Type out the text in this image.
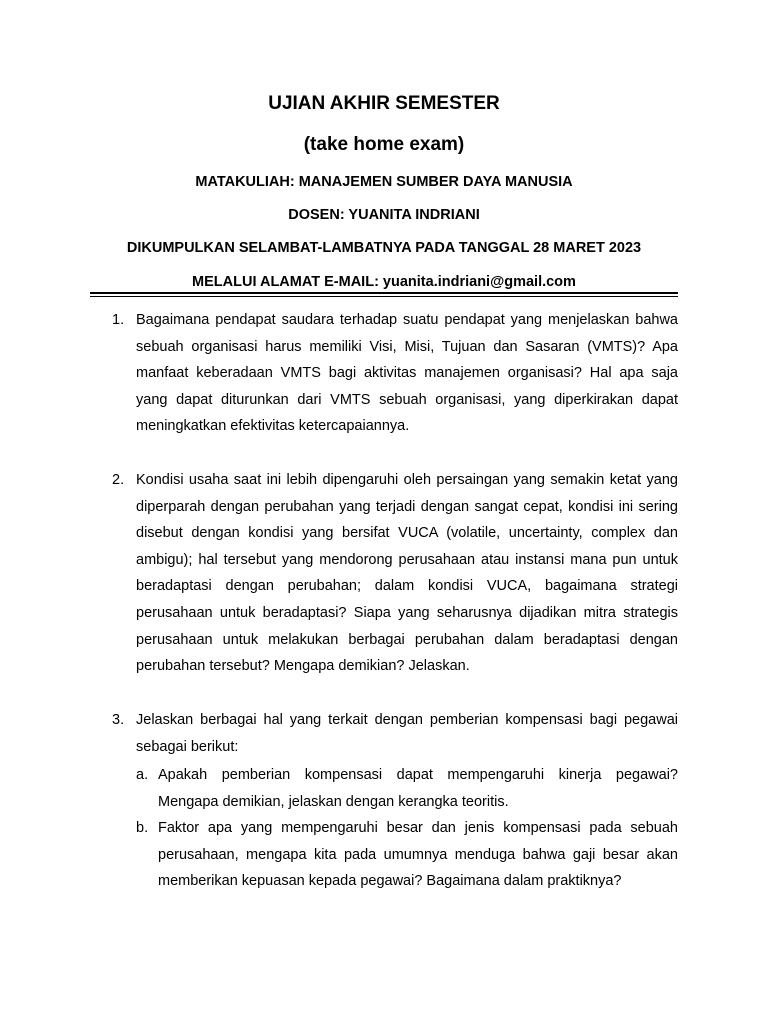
UJIAN AKHIR SEMESTER
(take home exam)
MATAKULIAH: MANAJEMEN SUMBER DAYA MANUSIA
DOSEN: YUANITA INDRIANI
DIKUMPULKAN SELAMBAT-LAMBATNYA PADA TANGGAL 28 MARET 2023
MELALUI ALAMAT E-MAIL: yuanita.indriani@gmail.com
1. Bagaimana pendapat saudara terhadap suatu pendapat yang menjelaskan bahwa sebuah organisasi harus memiliki Visi, Misi, Tujuan dan Sasaran (VMTS)? Apa manfaat keberadaan VMTS bagi aktivitas manajemen organisasi? Hal apa saja yang dapat diturunkan dari VMTS sebuah organisasi, yang diperkirakan dapat meningkatkan efektivitas ketercapaiannya.
2. Kondisi usaha saat ini lebih dipengaruhi oleh persaingan yang semakin ketat yang diperparah dengan perubahan yang terjadi dengan sangat cepat, kondisi ini sering disebut dengan kondisi yang bersifat VUCA (volatile, uncertainty, complex dan ambigu); hal tersebut yang mendorong perusahaan atau instansi mana pun untuk beradaptasi dengan perubahan; dalam kondisi VUCA, bagaimana strategi perusahaan untuk beradaptasi? Siapa yang seharusnya dijadikan mitra strategis perusahaan untuk melakukan berbagai perubahan dalam beradaptasi dengan perubahan tersebut? Mengapa demikian? Jelaskan.
3. Jelaskan berbagai hal yang terkait dengan pemberian kompensasi bagi pegawai sebagai berikut:
a. Apakah pemberian kompensasi dapat mempengaruhi kinerja pegawai? Mengapa demikian, jelaskan dengan kerangka teoritis.
b. Faktor apa yang mempengaruhi besar dan jenis kompensasi pada sebuah perusahaan, mengapa kita pada umumnya menduga bahwa gaji besar akan memberikan kepuasan kepada pegawai? Bagaimana dalam praktiknya?
